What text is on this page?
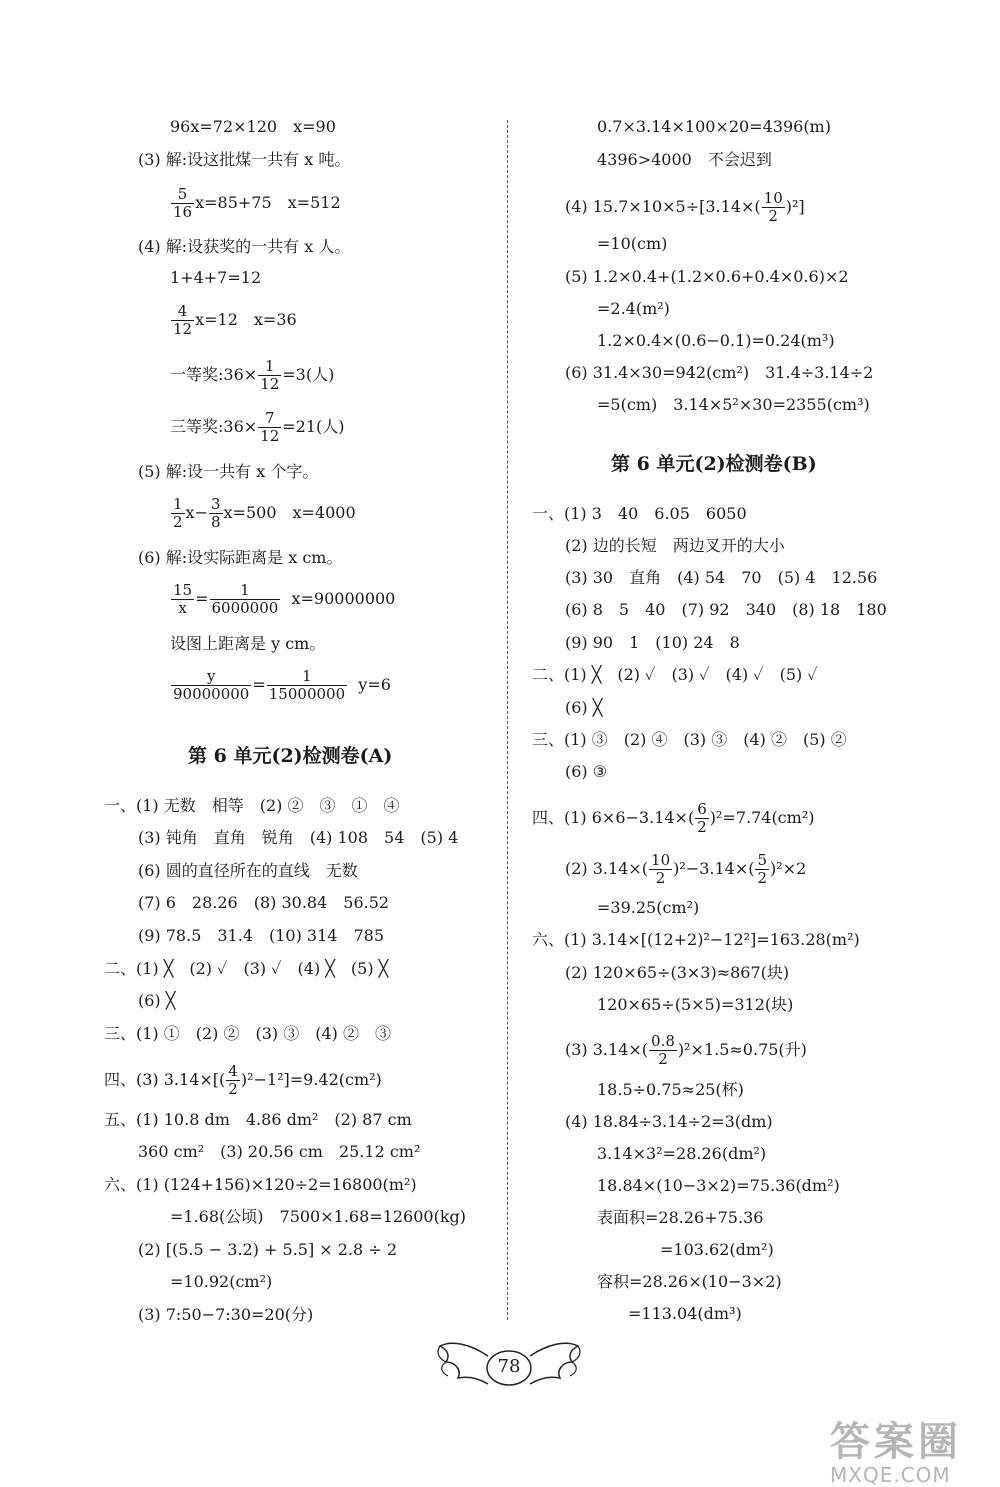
96x=72×120　x=90
(3) 解:设这批煤一共有 x 吨。
$\frac{5}{16} x=85+75$　x=512
(4) 解:设获奖的一共有 x 人。
1+4+7=12
$\frac{4}{12} x=12$　x=36
一等奖:36× $\frac{1}{12} =3$(人)
三等奖:36× $\frac{7}{12} =21$(人)
(5) 解:设一共有 x 个字。
$\frac{1}{2} x- \frac{3}{8} x=500$　x=4000
(6) 解:设实际距离是 x cm。
$\frac{15}{x} = \frac{1}{6000000} x=90000000$
设图上距离是 y cm。
$\frac{y}{90000000} = \frac{1}{15000000} y=6$
第 6 单元(2)检测卷(A)
一、(1) 无数　相等　(2) ②　③　①　④
(3) 钝角　直角　锐角　(4) 108　54　(5) 4
(6) 圆的直径所在的直线　无数
(7) 6　28.26　(8) 30.84　56.52
(9) 78.5　31.4　(10) 314　785
二、(1) ╳　(2) ✓　(3) ✓　(4) ╳　(5) ╳
(6) ╳
三、(1) ①　(2) ②　(3) ③　(4) ②　③
四、(3) $3.14\times[( \frac{4}{2} )^2-1^2]=9.42(cm^2)$
五、(1) 10.8 dm　4.86 dm²　(2) 87 cm
360 cm²　(3) 20.56 cm　25.12 cm²
六、(1) (124+156)×120÷2=16800(m²)
=1.68(公顷)　7500×1.68=12600(kg)
(2) [(5.5 − 3.2) + 5.5] × 2.8 ÷ 2
=10.92(cm²)
(3) 7:50−7:30=20(分)
0.7×3.14×100×20=4396(m)
4396>4000　不会迟到
(4) $15.7\times 10\times 5\div[3.14\times( \frac{10}{2} )^2]$
=10(cm)
(5) 1.2×0.4+(1.2×0.6+0.4×0.6)×2
=2.4(m²)
1.2×0.4×(0.6−0.1)=0.24(m³)
(6) 31.4×30=942(cm²)　31.4÷3.14÷2
=5(cm)　3.14×5²×30=2355(cm³)
第 6 单元(2)检测卷(B)
一、(1) 3　40　6.05　6050
(2) 边的长短　两边叉开的大小
(3) 30　直角　(4) 54　70　(5) 4　12.56
(6) 8　5　40　(7) 92　340　(8) 18　180
(9) 90　1　(10) 24　8
二、(1) ╳　(2) ✓　(3) ✓　(4) ✓　(5) ✓
(6) ╳
三、(1) ③　(2) ④　(3) ③　(4) ②　(5) ②
(6) ③
四、(1) $6\times 6-3.14\times( \frac{6}{2} )^2=7.74(cm^2)$
(2) $3.14\times( \frac{10}{2} )^2-3.14\times( \frac{5}{2} )^2\times 2$
=39.25(cm²)
六、(1) 3.14×[(12+2)²−12²]=163.28(m²)
(2) 120×65÷(3×3)≈867(块)
120×65÷(5×5)=312(块)
(3) $3.14\times( \frac{0.8}{2} )^2\times 1.5\approx 0.75$(升)
18.5÷0.75≈25(杯)
(4) 18.84÷3.14÷2=3(dm)
3.14×3²=28.26(dm²)
18.84×(10−3×2)=75.36(dm²)
表面积=28.26+75.36
=103.62(dm²)
容积=28.26×(10−3×2)
=113.04(dm³)
78
答案圈
MXQE.COM
